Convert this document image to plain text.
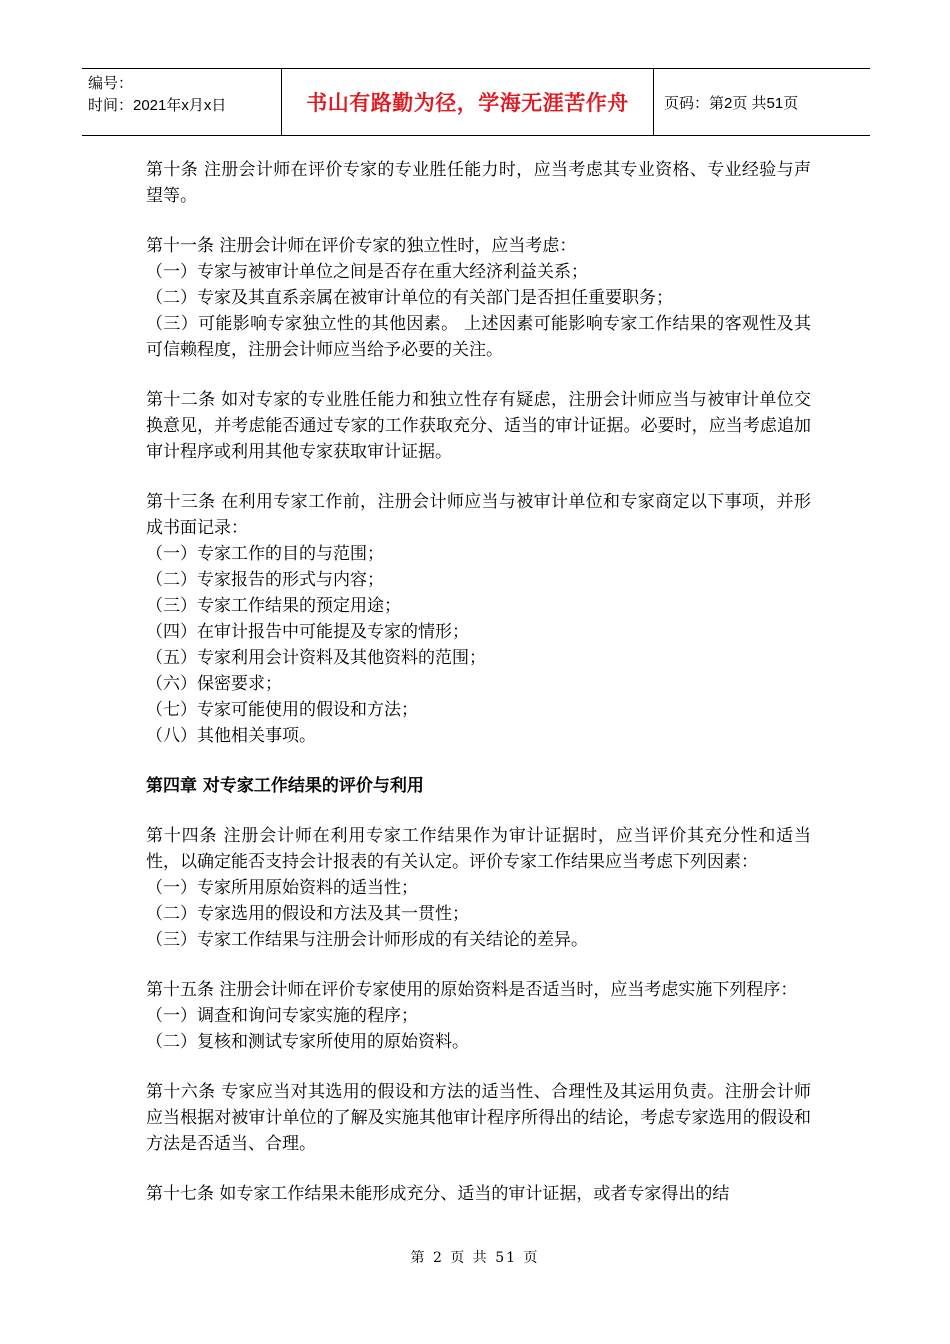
编号：
时间：2021年x月x日	书山有路勤为径，学海无涯苦作舟	页码：第2页 共51页

第十条 注册会计师在评价专家的专业胜任能力时，应当考虑其专业资格、专业经验与声望等。

第十一条 注册会计师在评价专家的独立性时，应当考虑：

（一）专家与被审计单位之间是否存在重大经济利益关系；

（二）专家及其直系亲属在被审计单位的有关部门是否担任重要职务；

（三）可能影响专家独立性的其他因素。 上述因素可能影响专家工作结果的客观性及其可信赖程度，注册会计师应当给予必要的关注。

第十二条 如对专家的专业胜任能力和独立性存有疑虑，注册会计师应当与被审计单位交换意见，并考虑能否通过专家的工作获取充分、适当的审计证据。必要时，应当考虑追加审计程序或利用其他专家获取审计证据。

第十三条 在利用专家工作前，注册会计师应当与被审计单位和专家商定以下事项，并形成书面记录：

（一）专家工作的目的与范围；

（二）专家报告的形式与内容；

（三）专家工作结果的预定用途；

（四）在审计报告中可能提及专家的情形；

（五）专家利用会计资料及其他资料的范围；

（六）保密要求；

（七）专家可能使用的假设和方法；

（八）其他相关事项。

第四章 对专家工作结果的评价与利用

第十四条 注册会计师在利用专家工作结果作为审计证据时，应当评价其充分性和适当性，以确定能否支持会计报表的有关认定。评价专家工作结果应当考虑下列因素：

（一）专家所用原始资料的适当性；

（二）专家选用的假设和方法及其一贯性；

（三）专家工作结果与注册会计师形成的有关结论的差异。

第十五条 注册会计师在评价专家使用的原始资料是否适当时，应当考虑实施下列程序：

（一）调查和询问专家实施的程序；

（二）复核和测试专家所使用的原始资料。

第十六条 专家应当对其选用的假设和方法的适当性、合理性及其运用负责。注册会计师应当根据对被审计单位的了解及实施其他审计程序所得出的结论，考虑专家选用的假设和方法是否适当、合理。

第十七条 如专家工作结果未能形成充分、适当的审计证据，或者专家得出的结

第 2 页 共 51 页
